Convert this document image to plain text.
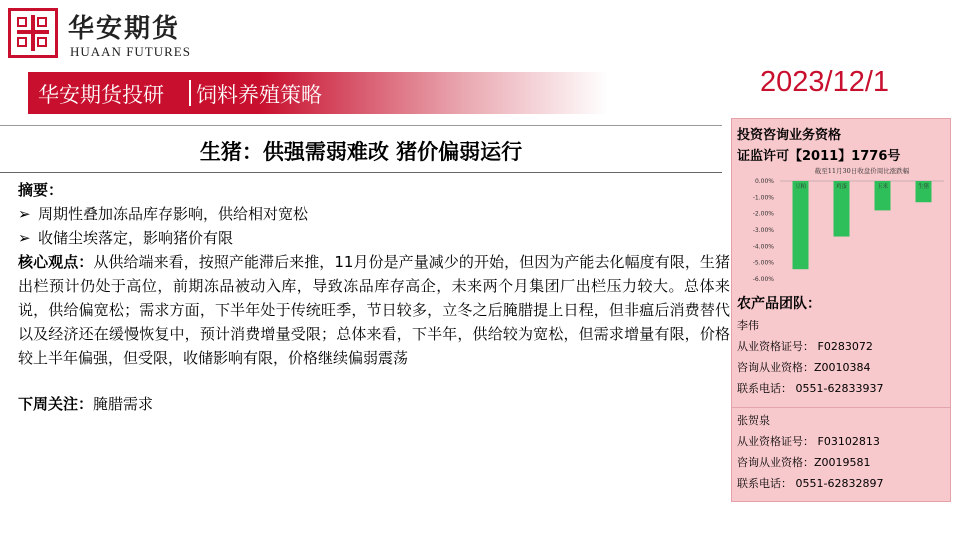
华安期货
HUAAN FUTURES
华安期货投研 饲料养殖策略	2023/12/1
生猪：供强需弱难改 猪价偏弱运行
摘要：
➢ 周期性叠加冻品库存影响，供给相对宽松
➢ 收储尘埃落定，影响猪价有限
核心观点：从供给端来看，按照产能滞后来推，11月份是产量减少的开始，但因为产能去化幅度有限，生猪出栏预计仍处于高位，前期冻品被动入库，导致冻品库存高企，未来两个月集团厂出栏压力较大。总体来说，供给偏宽松；需求方面，下半年处于传统旺季，节日较多，立冬之后腌腊提上日程，但非瘟后消费替代以及经济还在缓慢恢复中，预计消费增量受限；总体来看，下半年，供给较为宽松，但需求增量有限，价格较上半年偏强，但受限，收储影响有限，价格继续偏弱震荡
下周关注：腌腊需求
投资咨询业务资格
证监许可【2011】1776号
截至11月30日收盘价周比涨跌幅
0.00%
-1.00%
-2.00%
-3.00%
-4.00%
-5.00%
-6.00%
豆粕	鸡蛋	玉米	生猪
农产品团队：
李伟
从业资格证号： F0283072
咨询从业资格：Z0010384
联系电话： 0551-62833937
张贺泉
从业资格证号： F03102813
咨询从业资格：Z0019581
联系电话： 0551-62832897
